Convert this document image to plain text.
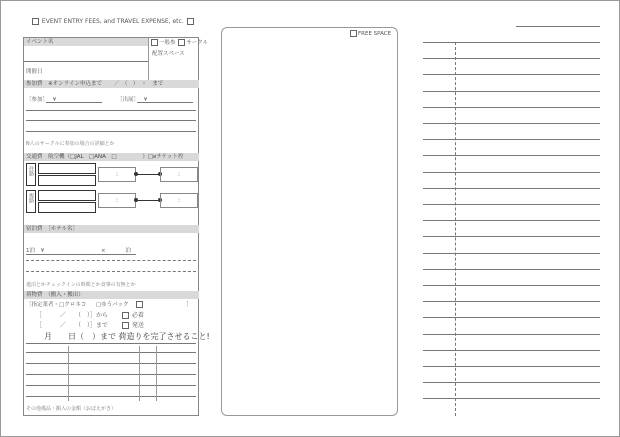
EVENT ENTRY FEES, and TRAVEL EXPENSE, etc.
イベント名	一般参 サークル
配置スペース
開催日
参加費　※オンライン申込まで ／　（　）　・　まで
［参加］ ¥	［出展］ ¥
N人のサークルに参加の場合の詳細とか
交通費　航空機（□JAL　□ANA　□	）□eチケット控
往路	:	:
復路	:	:
宿泊費　［ホテル名］
1泊 ¥	×	泊
連泊とかチェックインの時間とか食事の有無とか
荷物費　（搬入・搬出）
［指定業者・□クロネコ □ゆうパック	］
［　　　／　　（　）］から	必着
［　　　／　　（　）］まで	発送
月　　日（　）まで 荷造りを完了させること!
その他備品・搬入の金額（おばえがき）
FREE SPACE
